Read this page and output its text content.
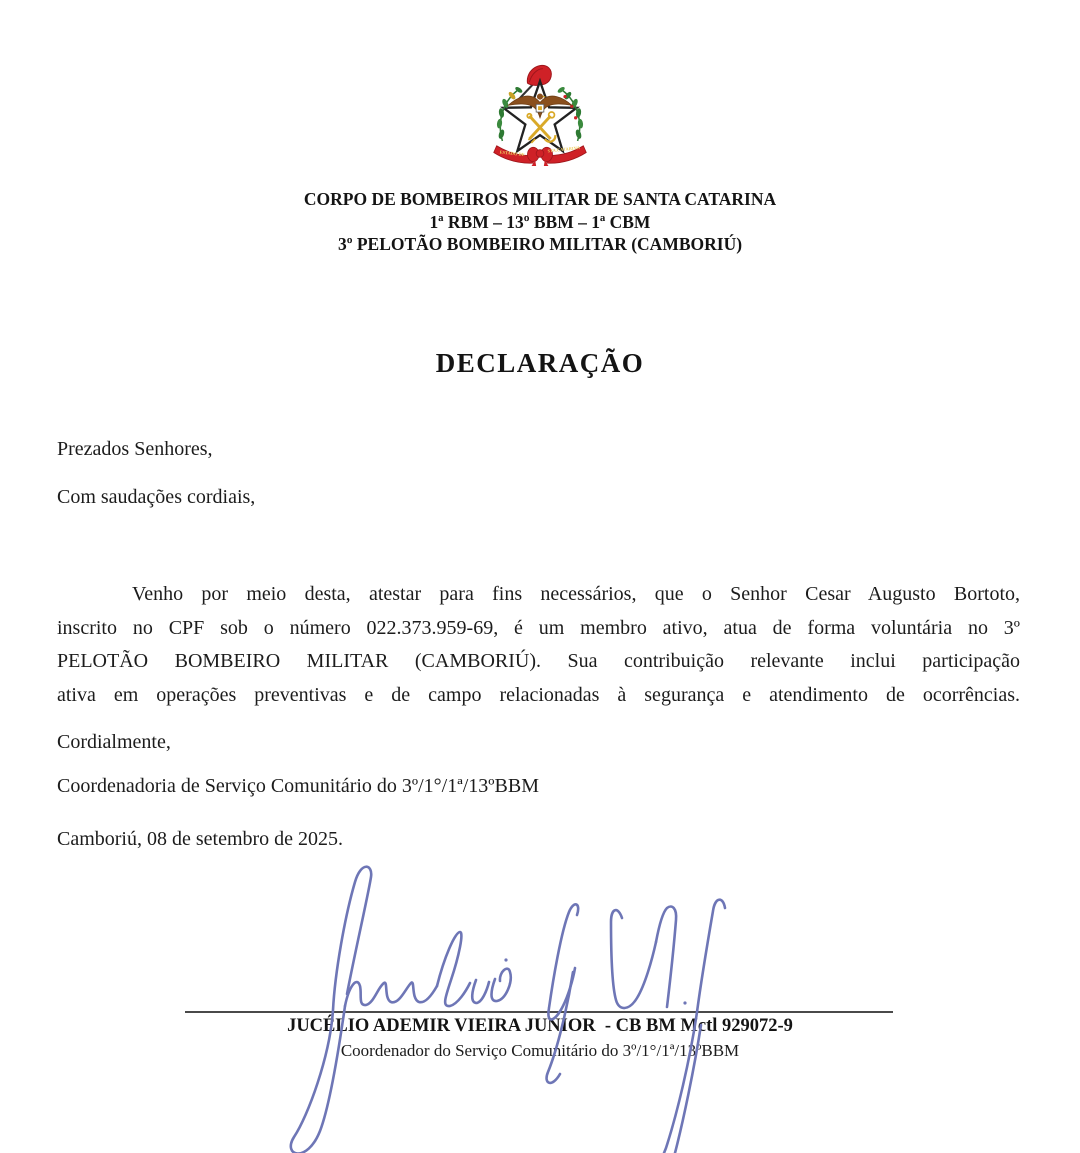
ESTADO DE	STA.CATARINA
CORPO DE BOMBEIROS MILITAR DE SANTA CATARINA
1ª RBM – 13º BBM – 1ª CBM
3º PELOTÃO BOMBEIRO MILITAR (CAMBORIÚ)
DECLARAÇÃO
Prezados Senhores,
Com saudações cordiais,
Venho por meio desta, atestar para fins necessários, que o Senhor Cesar Augusto Bortoto,
inscrito no CPF sob o número 022.373.959-69, é um membro ativo, atua de forma voluntária no 3º
PELOTÃO BOMBEIRO MILITAR (CAMBORIÚ). Sua contribuição relevante inclui participação
ativa em operações preventivas e de campo relacionadas à segurança e atendimento de ocorrências.
Cordialmente,
Coordenadoria de Serviço Comunitário do 3º/1°/1ª/13ºBBM
Camboriú, 08 de setembro de 2025.
JUCÉLIO ADEMIR VIEIRA JUNIOR  - CB BM Mctl 929072-9
Coordenador do Serviço Comunitário do 3º/1°/1ª/13ºBBM
